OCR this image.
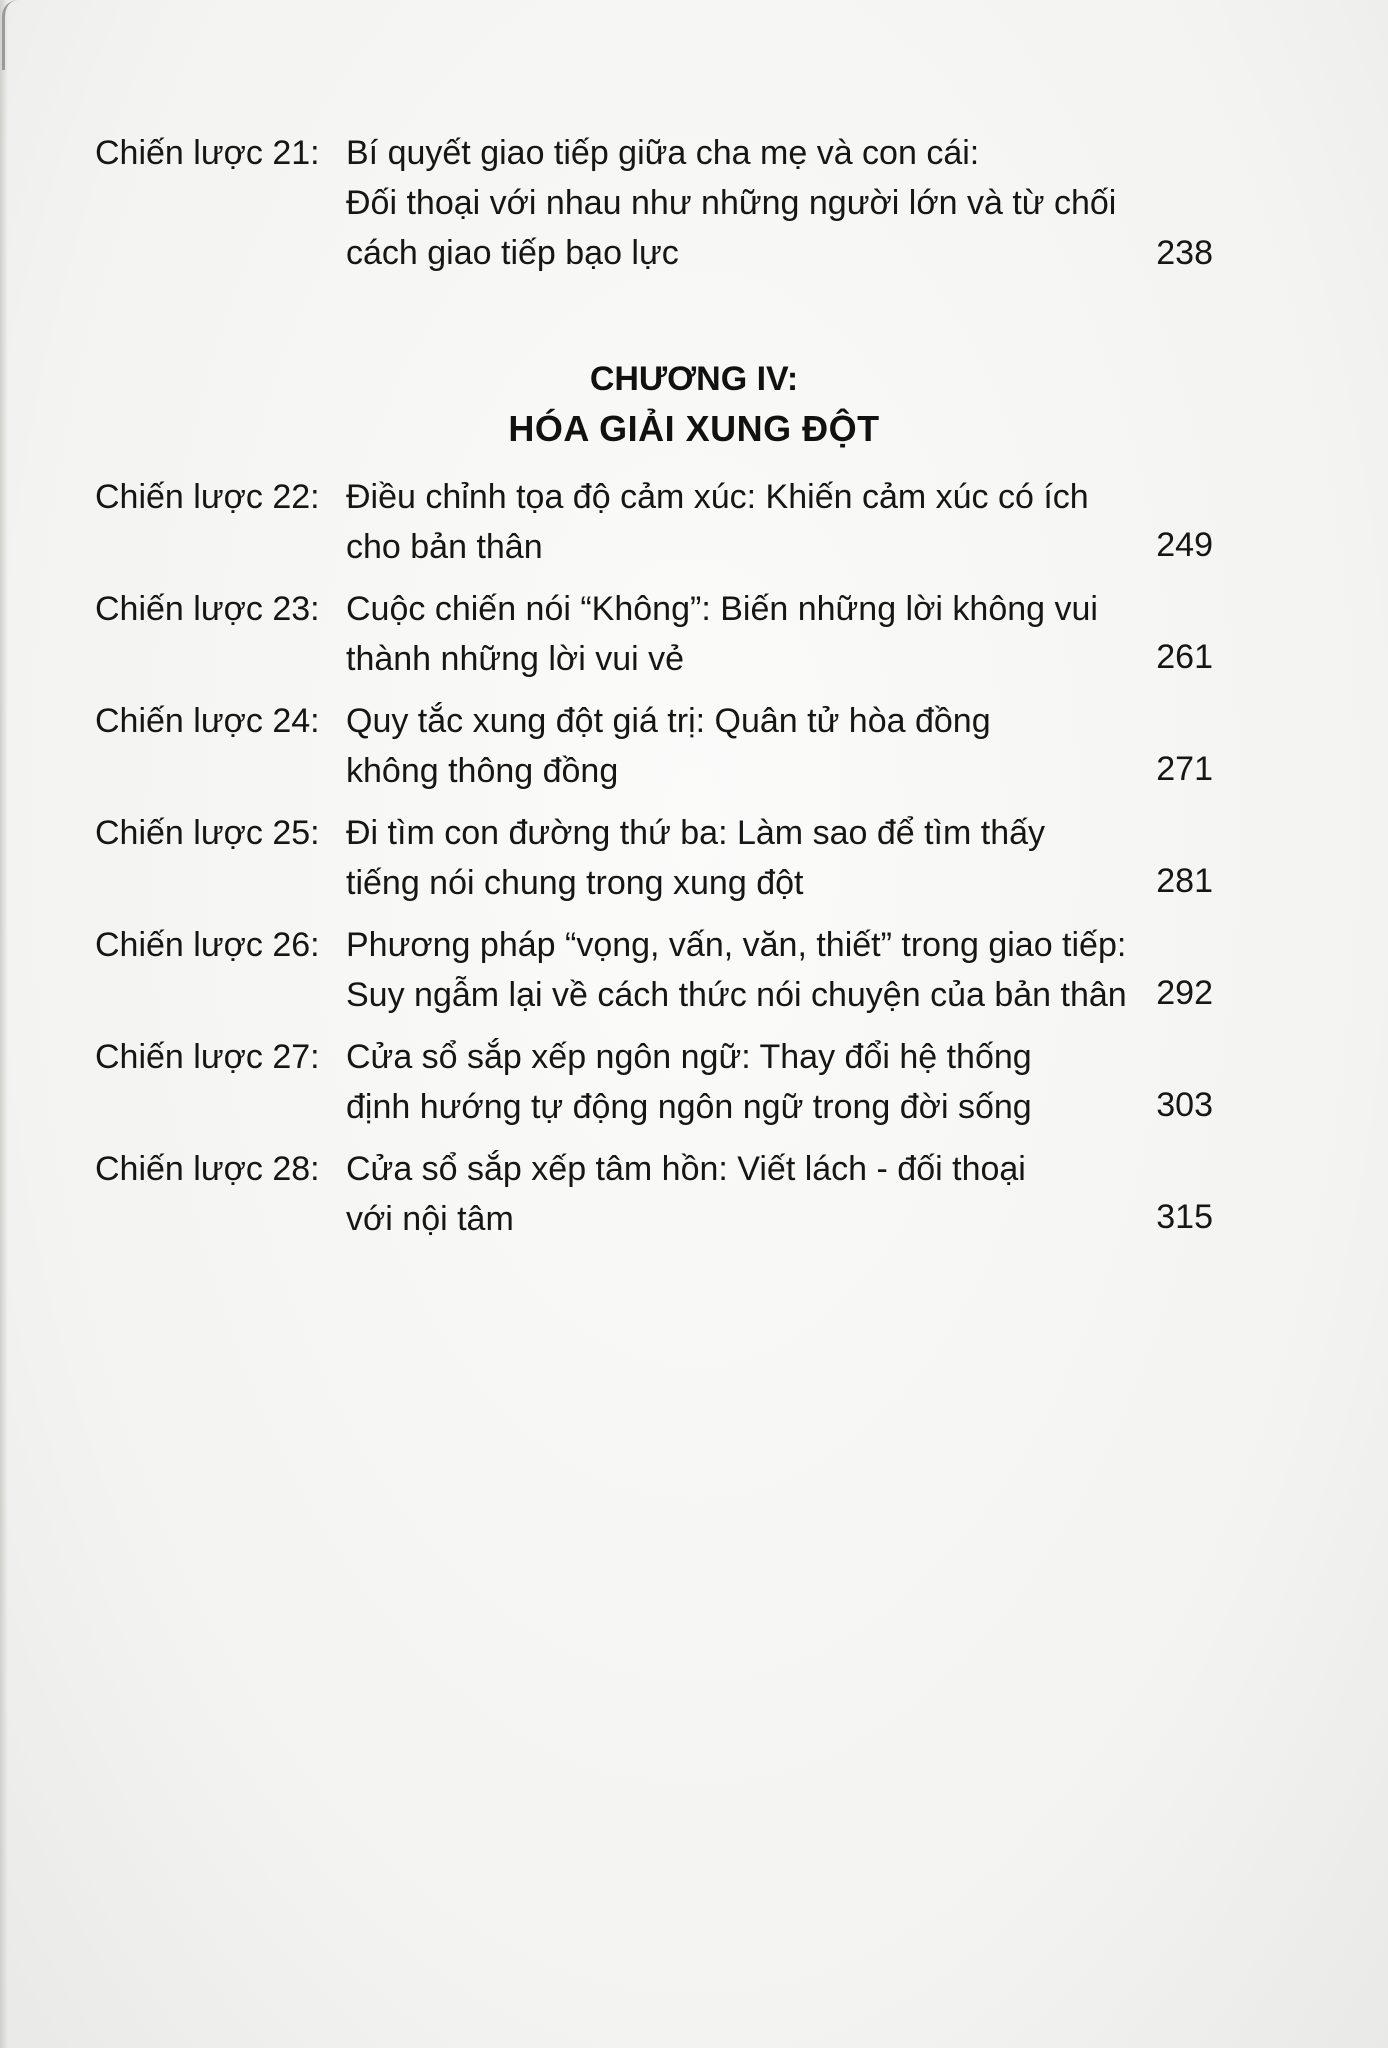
Chiến lược 21: Bí quyết giao tiếp giữa cha mẹ và con cái:
Đối thoại với nhau như những người lớn và từ chối
cách giao tiếp bạo lực	238
CHƯƠNG IV:
HÓA GIẢI XUNG ĐỘT
Chiến lược 22: Điều chỉnh tọa độ cảm xúc: Khiến cảm xúc có ích
cho bản thân	249
Chiến lược 23: Cuộc chiến nói “Không”: Biến những lời không vui
thành những lời vui vẻ	261
Chiến lược 24: Quy tắc xung đột giá trị: Quân tử hòa đồng
không thông đồng	271
Chiến lược 25: Đi tìm con đường thứ ba: Làm sao để tìm thấy
tiếng nói chung trong xung đột	281
Chiến lược 26: Phương pháp “vọng, vấn, văn, thiết” trong giao tiếp:
Suy ngẫm lại về cách thức nói chuyện của bản thân 292
Chiến lược 27: Cửa sổ sắp xếp ngôn ngữ: Thay đổi hệ thống
định hướng tự động ngôn ngữ trong đời sống	303
Chiến lược 28: Cửa sổ sắp xếp tâm hồn: Viết lách - đối thoại
với nội tâm	315
